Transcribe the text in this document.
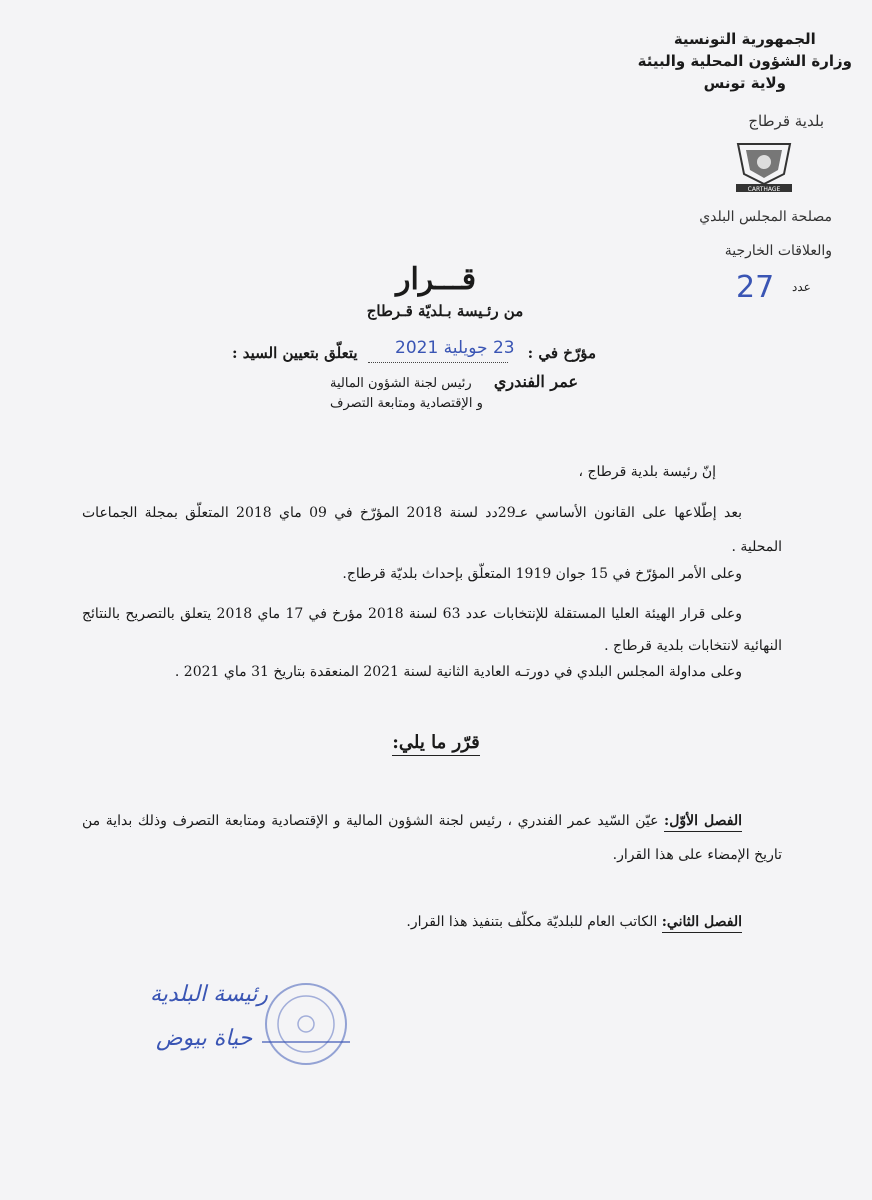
الجمهورية التونسية
وزارة الشؤون المحلية والبيئة
ولاية تونس
بلدية قرطاج
CARTHAGE
مصلحة المجلس البلدي
والعلاقات الخارجية
27 عدد
قـــرار
من رئـيسة بـلديّة قـرطاج
مؤرّخ في :
23 جويلية 2021
يتعلّق بتعيين السيد :
عمر الفندري
رئيس لجنة الشؤون المالية
و الإقتصادية ومتابعة التصرف
إنّ رئيسة بلدية قرطاج ،
بعد إطّلاعها على القانون الأساسي عـ29دد لسنة 2018 المؤرّخ في 09 ماي 2018 المتعلّق بمجلة الجماعات المحلية .
وعلى الأمر المؤرّخ في 15 جوان 1919 المتعلّق بإحداث بلديّة قرطاج.
وعلى قرار الهيئة العليا المستقلة للإنتخابات عدد 63 لسنة 2018 مؤرخ في 17 ماي 2018 يتعلق بالتصريح بالنتائج النهائية لانتخابات بلدية قرطاج .
وعلى مداولة المجلس البلدي في دورتـه العادية الثانية لسنة 2021 المنعقدة بتاريخ 31 ماي 2021 .
قرّر ما يلي:
الفصل الأوّل: عيّن السّيد عمر الفندري ، رئيس لجنة الشؤون المالية و الإقتصادية ومتابعة التصرف وذلك بداية من تاريخ الإمضاء على هذا القرار.
الفصل الثاني: الكاتب العام للبلديّة مكلّف بتنفيذ هذا القرار.
رئيسة البلدية
حياة بيوض
